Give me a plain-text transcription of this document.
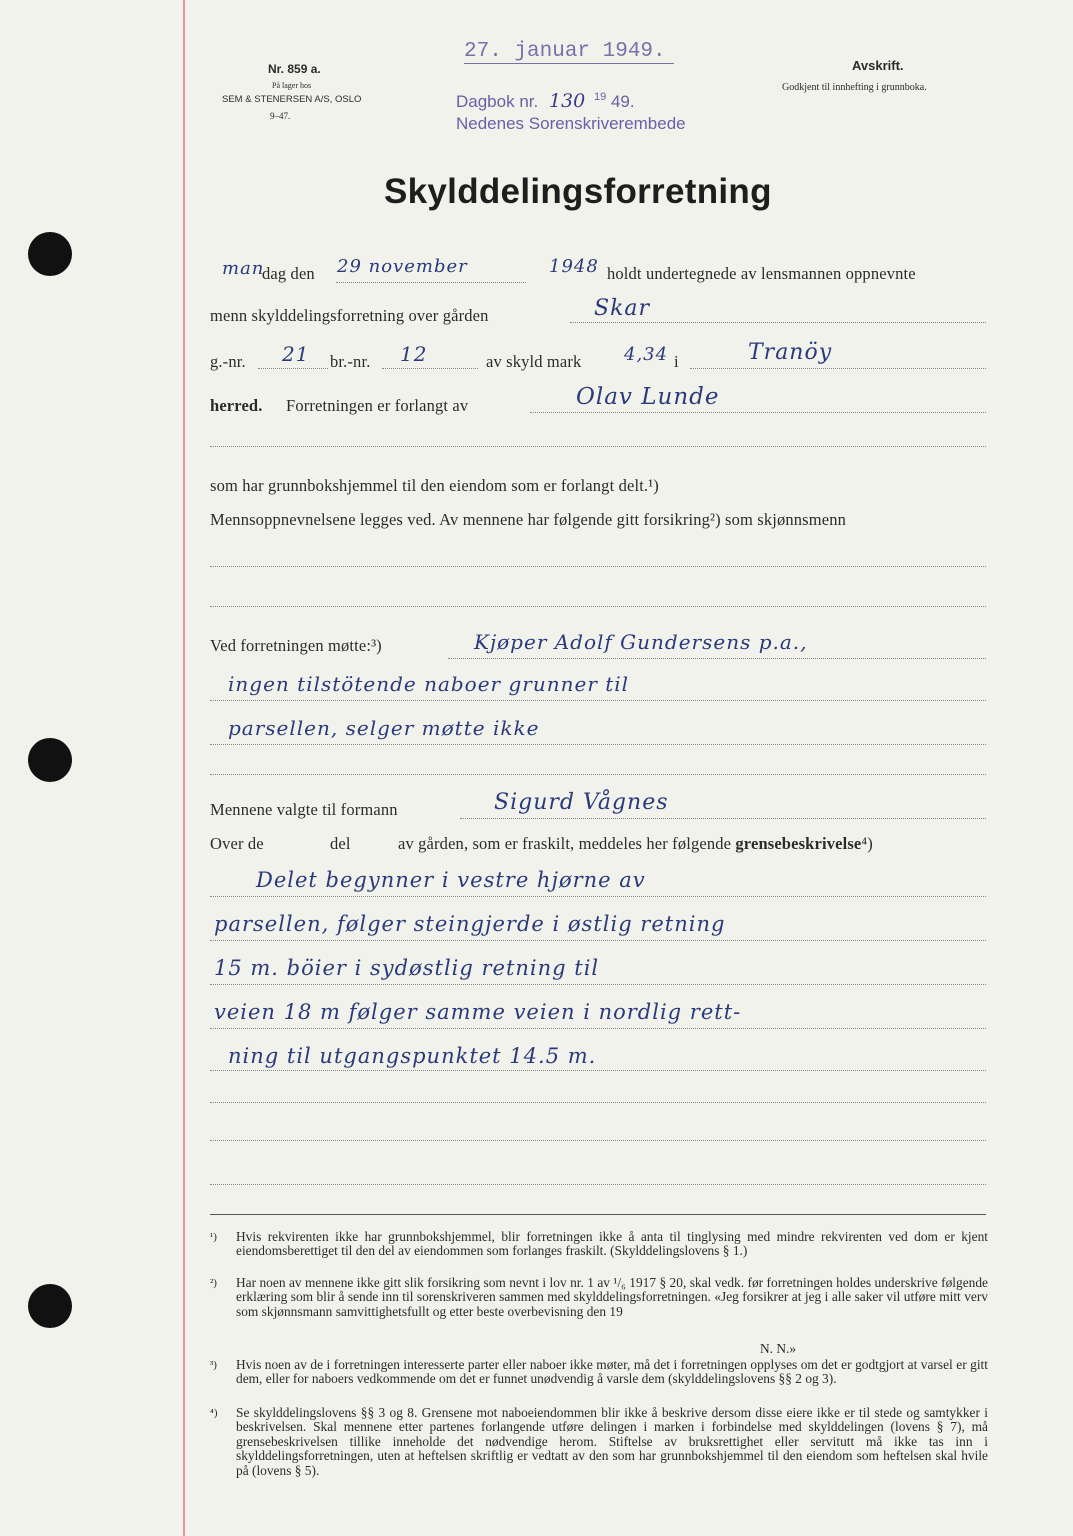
Nr. 859 a.
På lager hos
SEM & STENERSEN A/S, OSLO
9–47.
27. januar 1949.
Dagbok nr. 130 $^{19}$ 49.
Nedenes Sorenskriverembede
Avskrift.
Godkjent til innhefting i grunnboka.
Skylddelingsforretning
man
dag den 29 november	1948 holdt undertegnede av lensmannen oppnevnte
menn skylddelingsforretning over gården	Skar
g.-nr. 21 br.-nr. 12	av skyld mark 4,34 i	Tranöy
herred. Forretningen er forlangt av	Olav Lunde
som har grunnbokshjemmel til den eiendom som er forlangt delt.¹)
Mennsoppnevnelsene legges ved. Av mennene har følgende gitt forsikring²) som skjønnsmenn
Ved forretningen møtte:³)	Kjøper Adolf Gundersens p.a.,
ingen tilstötende naboer grunner til
parsellen, selger møtte ikke
Mennene valgte til formann	Sigurd Vågnes
Over de	del	av gården, som er fraskilt, meddeles her følgende grensebeskrivelse⁴)
Delet begynner i vestre hjørne av
parsellen, følger steingjerde i østlig retning
15 m. böier i sydøstlig retning til
veien 18 m følger samme veien i nordlig rett-
ning til utgangspunktet 14.5 m.
¹) Hvis rekvirenten ikke har grunnbokshjemmel, blir forretningen ikke å anta til tinglysing med mindre rekvirenten ved dom er kjent eiendomsberettiget til den del av eiendommen som forlanges fraskilt. (Skylddelingslovens § 1.)
²) Har noen av mennene ikke gitt slik forsikring som nevnt i lov nr. 1 av ¹/₆ 1917 § 20, skal vedk. før forretningen holdes underskrive følgende erklæring som blir å sende inn til sorenskriveren sammen med skylddelingsforretningen. «Jeg forsikrer at jeg i alle saker vil utføre mitt verv som skjønnsmann samvittighetsfullt og etter beste overbevisning den 19
N. N.»
³) Hvis noen av de i forretningen interesserte parter eller naboer ikke møter, må det i forretningen opplyses om det er godtgjort at varsel er gitt dem, eller for naboers vedkommende om det er funnet unødvendig å varsle dem (skylddelingslovens §§ 2 og 3).
⁴) Se skylddelingslovens §§ 3 og 8. Grensene mot naboeiendommen blir ikke å beskrive dersom disse eiere ikke er til stede og samtykker i beskrivelsen. Skal mennene etter partenes forlangende utføre delingen i marken i forbindelse med skylddelingen (lovens § 7), må grensebeskrivelsen tillike inneholde det nødvendige herom. Stiftelse av bruksrettighet eller servitutt må ikke tas inn i skylddelingsforretningen, uten at heftelsen skriftlig er vedtatt av den som har grunnbokshjemmel til den eiendom som heftelsen skal hvile på (lovens § 5).
